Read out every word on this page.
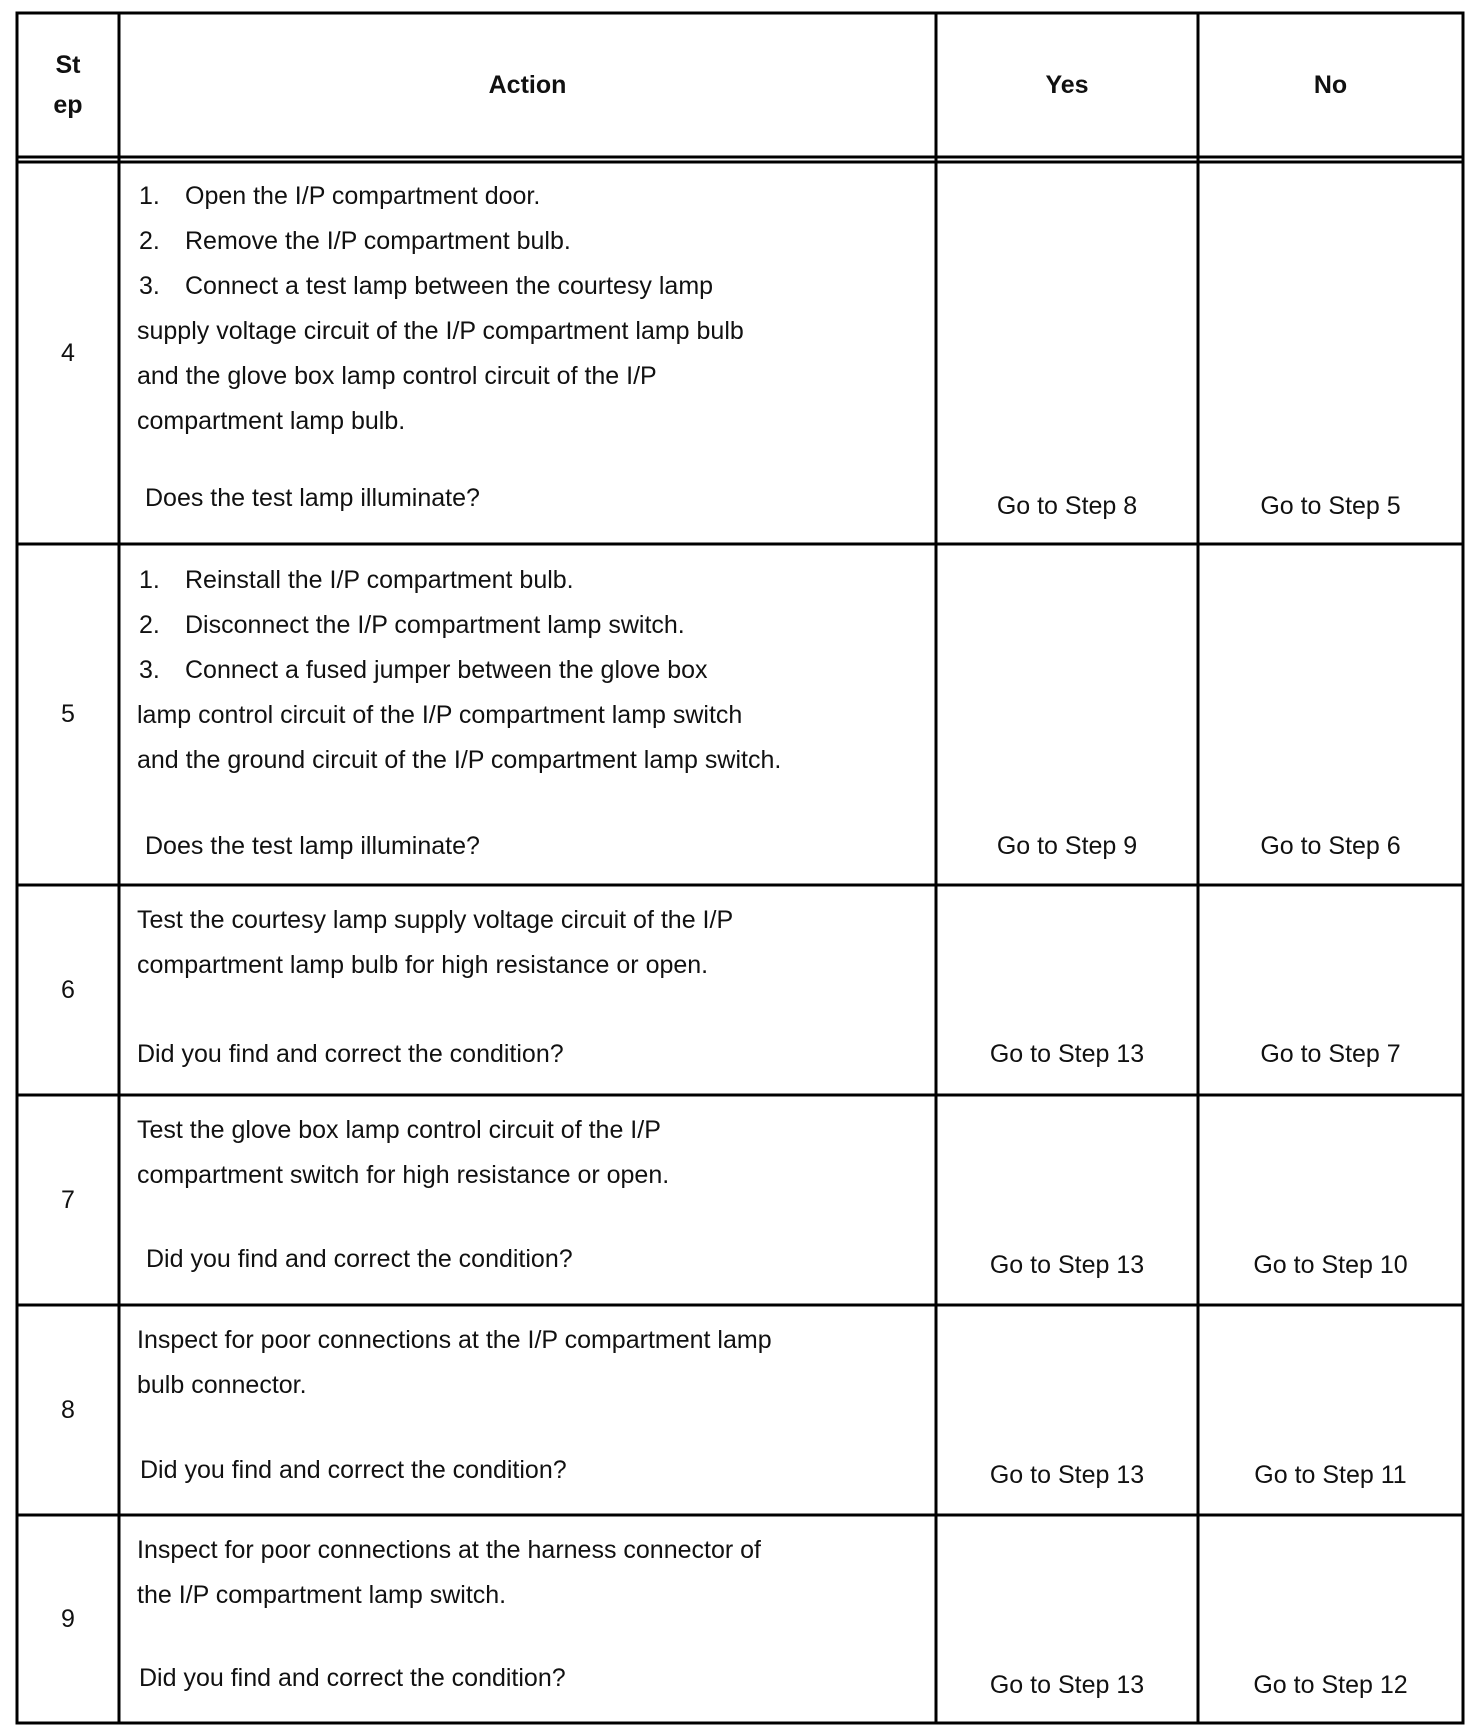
St
ep
Action	Yes	No
4
1. Open the I/P compartment door.
2. Remove the I/P compartment bulb.
3. Connect a test lamp between the courtesy lamp
supply voltage circuit of the I/P compartment lamp bulb
and the glove box lamp control circuit of the I/P
compartment lamp bulb.
Does the test lamp illuminate?	Go to Step 8	Go to Step 5
5
1. Reinstall the I/P compartment bulb.
2. Disconnect the I/P compartment lamp switch.
3. Connect a fused jumper between the glove box
lamp control circuit of the I/P compartment lamp switch
and the ground circuit of the I/P compartment lamp switch.
Does the test lamp illuminate?	Go to Step 9	Go to Step 6
6
Test the courtesy lamp supply voltage circuit of the I/P
compartment lamp bulb for high resistance or open.
Did you find and correct the condition?	Go to Step 13	Go to Step 7
7
Test the glove box lamp control circuit of the I/P
compartment switch for high resistance or open.
Did you find and correct the condition?	Go to Step 13	Go to Step 10
8
Inspect for poor connections at the I/P compartment lamp
bulb connector.
Did you find and correct the condition?	Go to Step 13	Go to Step 11
9
Inspect for poor connections at the harness connector of
the I/P compartment lamp switch.
Did you find and correct the condition?	Go to Step 13	Go to Step 12
